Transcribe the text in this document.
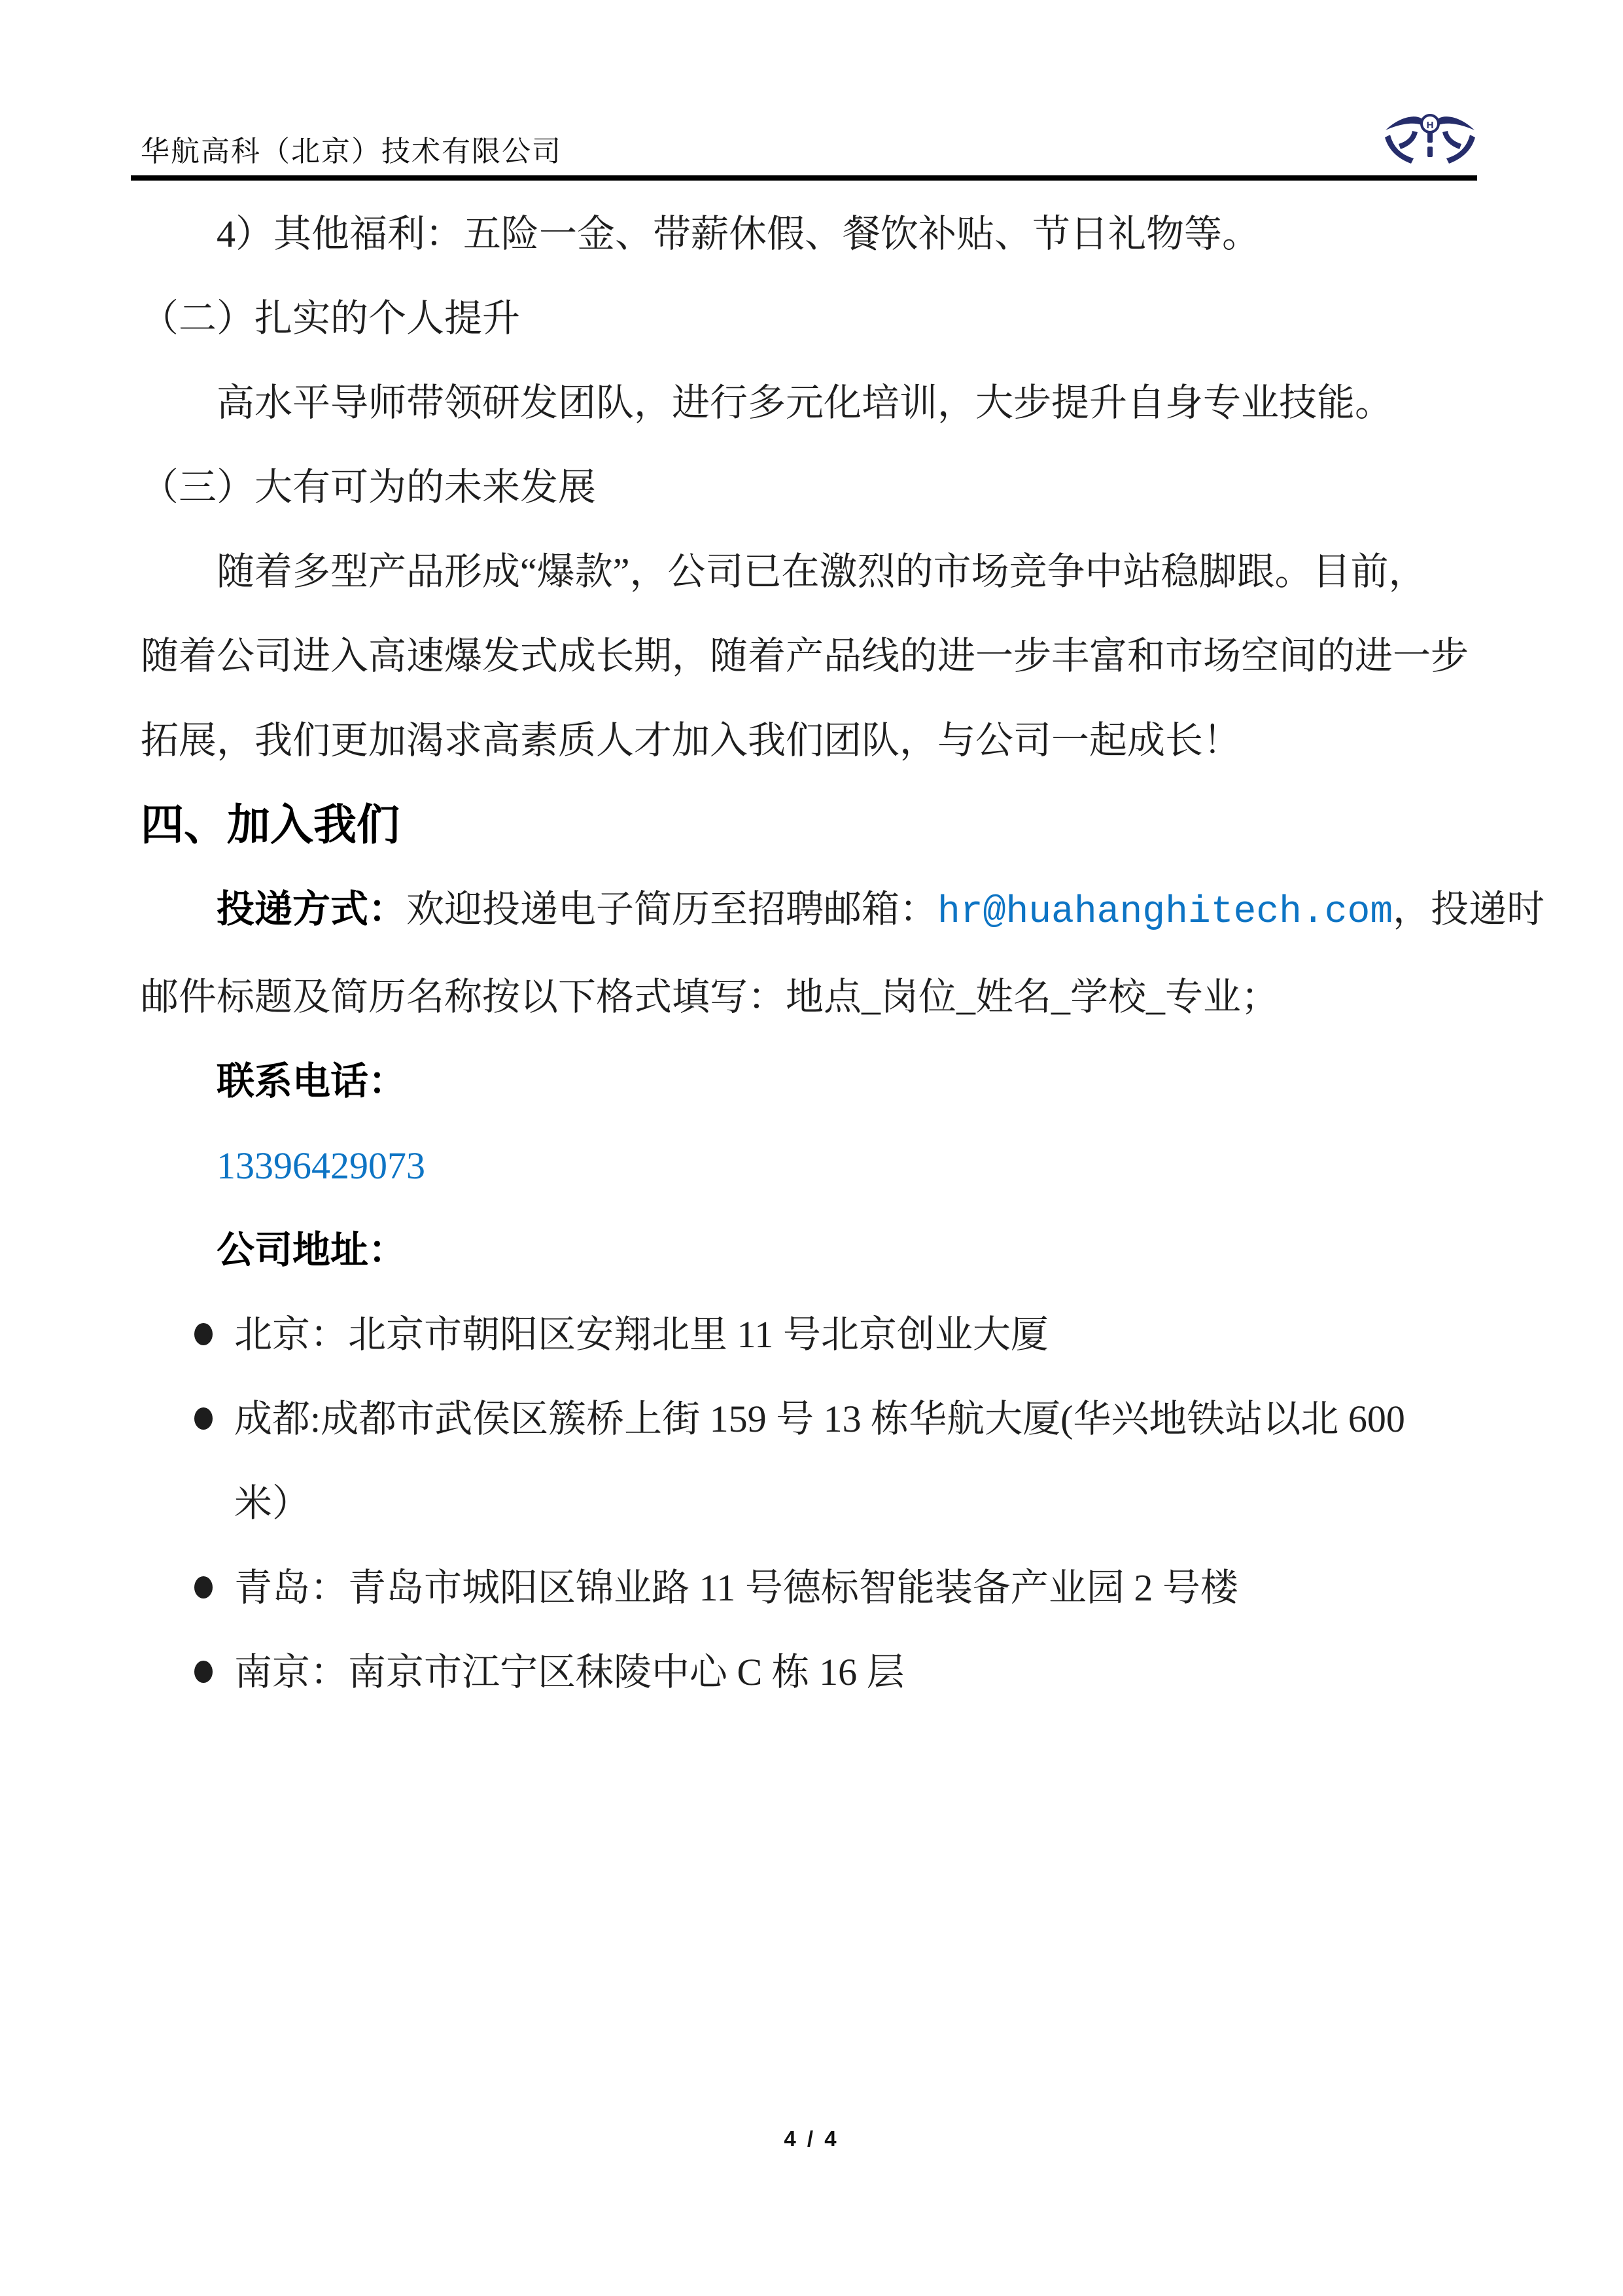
华航高科（北京）技术有限公司
H
4）其他福利：五险一金、带薪休假、餐饮补贴、节日礼物等。
（二）扎实的个人提升
高水平导师带领研发团队，进行多元化培训，大步提升自身专业技能。
（三）大有可为的未来发展
随着多型产品形成“爆款”，公司已在激烈的市场竞争中站稳脚跟。目前，
随着公司进入高速爆发式成长期，随着产品线的进一步丰富和市场空间的进一步
拓展，我们更加渴求高素质人才加入我们团队，与公司一起成长！
四、加入我们
投递方式：欢迎投递电子简历至招聘邮箱：hr@huahanghitech.com，投递时
邮件标题及简历名称按以下格式填写：地点_岗位_姓名_学校_专业；
联系电话：
13396429073
公司地址：
北京：北京市朝阳区安翔北里 11 号北京创业大厦
成都:成都市武侯区簇桥上街 159 号 13 栋华航大厦(华兴地铁站以北 600
米）
青岛：青岛市城阳区锦业路 11 号德标智能装备产业园 2 号楼
南京：南京市江宁区秣陵中心 C 栋 16 层
4 / 4
